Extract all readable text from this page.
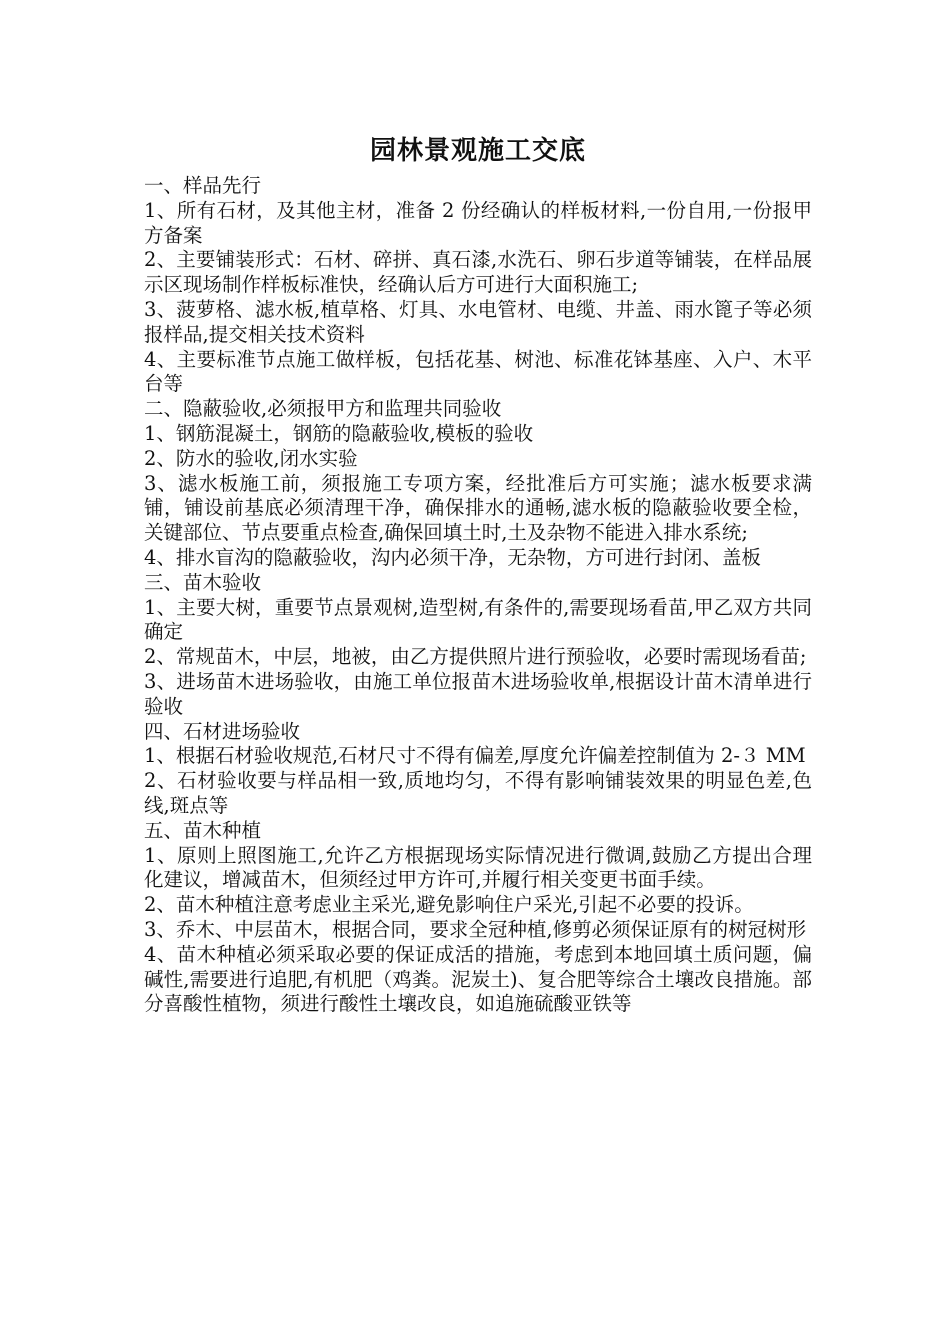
园林景观施工交底

一、样品先行

1、所有石材，及其他主材，准备 2 份经确认的样板材料,一份自用,一份报甲方备案

2、主要铺装形式：石材、碎拼、真石漆,水洗石、卵石步道等铺装，在样品展示区现场制作样板标准快，经确认后方可进行大面积施工;

3、菠萝格、滤水板,植草格、灯具、水电管材、电缆、井盖、雨水篦子等必须报样品,提交相关技术资料

4、主要标准节点施工做样板，包括花基、树池、标准花钵基座、入户、木平台等

二、隐蔽验收,必须报甲方和监理共同验收

1、钢筋混凝土，钢筋的隐蔽验收,模板的验收

2、防水的验收,闭水实验

3、滤水板施工前，须报施工专项方案，经批准后方可实施；滤水板要求满铺，铺设前基底必须清理干净，确保排水的通畅,滤水板的隐蔽验收要全检，关键部位、节点要重点检查,确保回填土时,土及杂物不能进入排水系统;

4、排水盲沟的隐蔽验收，沟内必须干净，无杂物，方可进行封闭、盖板

三、苗木验收

1、主要大树，重要节点景观树,造型树,有条件的,需要现场看苗,甲乙双方共同确定

2、常规苗木，中层，地被，由乙方提供照片进行预验收，必要时需现场看苗;

3、进场苗木进场验收，由施工单位报苗木进场验收单,根据设计苗木清单进行验收

四、石材进场验收

1、根据石材验收规范,石材尺寸不得有偏差,厚度允许偏差控制值为 2-３ MM

2、石材验收要与样品相一致,质地均匀，不得有影响铺装效果的明显色差,色线,斑点等

五、苗木种植

1、原则上照图施工,允许乙方根据现场实际情况进行微调,鼓励乙方提出合理化建议，增减苗木，但须经过甲方许可,并履行相关变更书面手续。

2、苗木种植注意考虑业主采光,避免影响住户采光,引起不必要的投诉。

3、乔木、中层苗木，根据合同，要求全冠种植,修剪必须保证原有的树冠树形

4、苗木种植必须采取必要的保证成活的措施，考虑到本地回填土质问题，偏碱性,需要进行追肥,有机肥（鸡粪。泥炭土)、复合肥等综合土壤改良措施。部分喜酸性植物，须进行酸性土壤改良，如追施硫酸亚铁等
